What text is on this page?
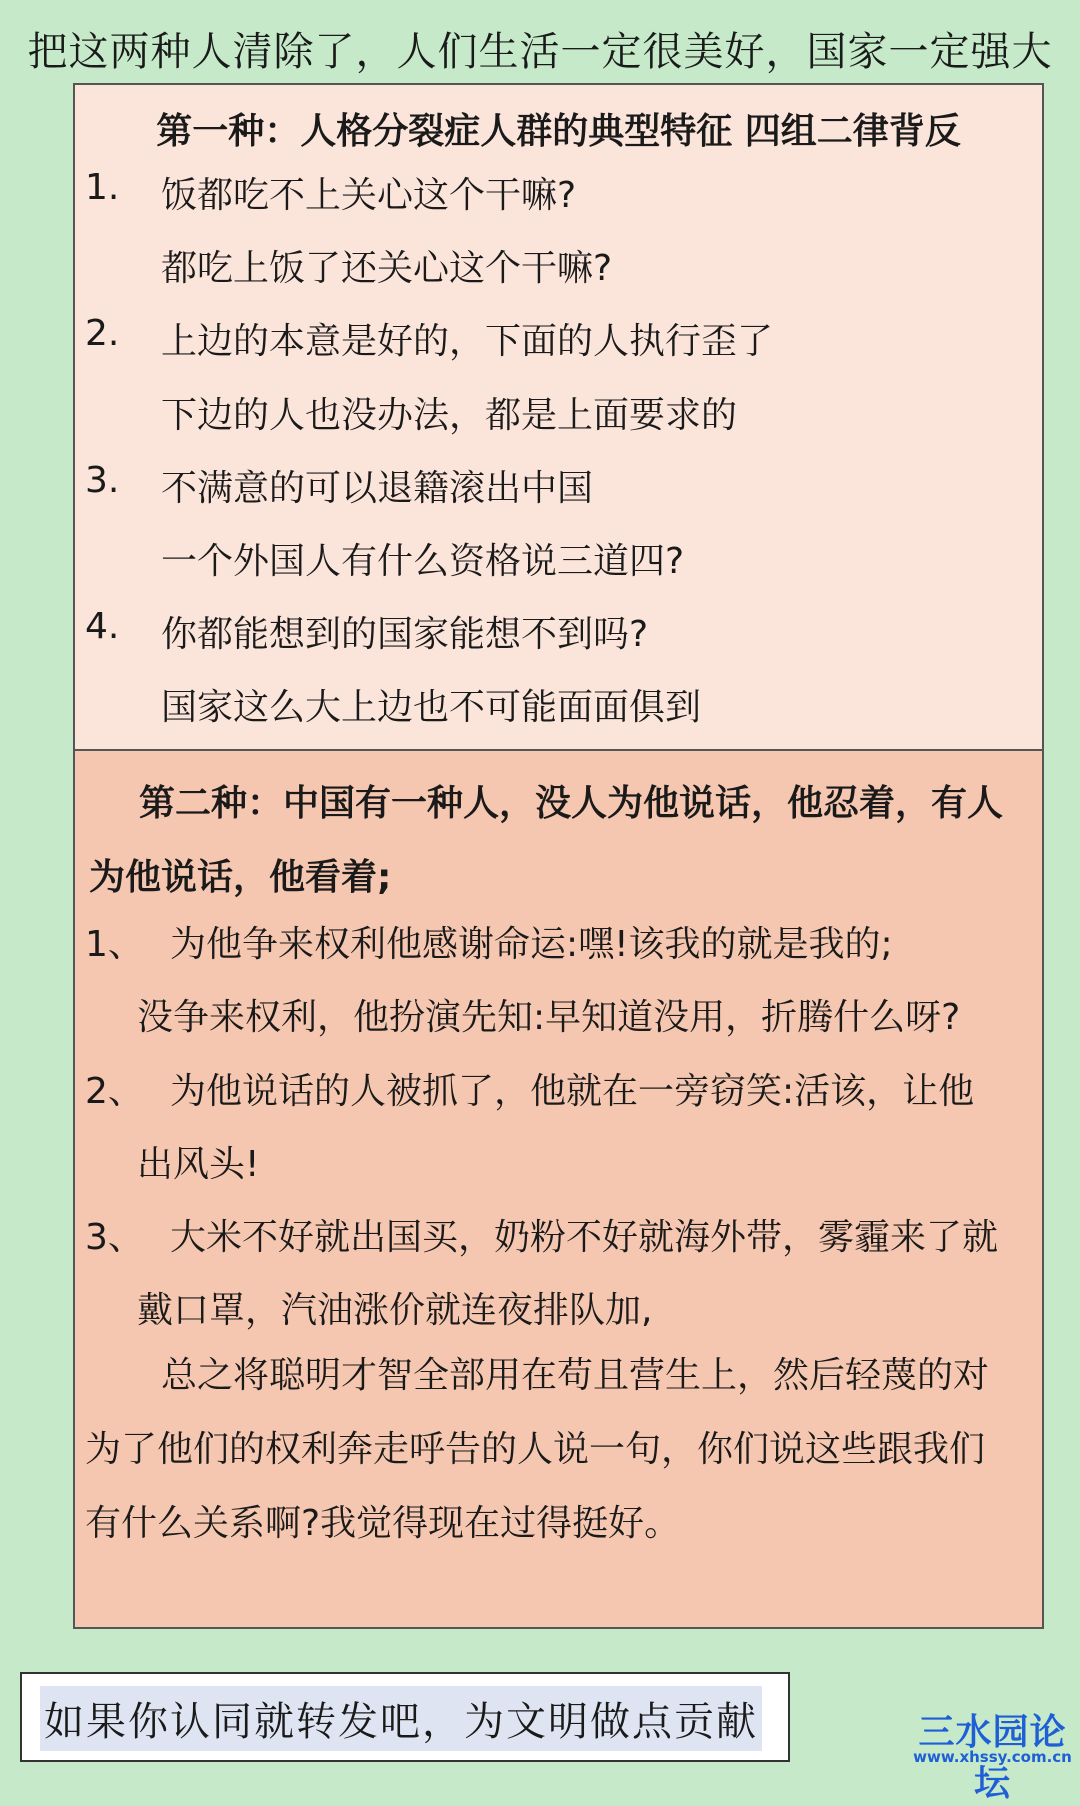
把这两种人清除了，人们生活一定很美好，国家一定强大
第一种：人格分裂症人群的典型特征 四组二律背反
1. 饭都吃不上关心这个干嘛?
都吃上饭了还关心这个干嘛?
2. 上边的本意是好的，下面的人执行歪了
下边的人也没办法，都是上面要求的
3. 不满意的可以退籍滚出中国
一个外国人有什么资格说三道四?
4. 你都能想到的国家能想不到吗?
国家这么大上边也不可能面面俱到
第二种：中国有一种人，没人为他说话，他忍着，有人为他说话，他看着;
1、 为他争来权利他感谢命运:嘿!该我的就是我的;
没争来权利，他扮演先知:早知道没用，折腾什么呀?
2、 为他说话的人被抓了，他就在一旁窃笑:活该，让他
出风头!
3、 大米不好就出国买，奶粉不好就海外带，雾霾来了就
戴口罩，汽油涨价就连夜排队加,
总之将聪明才智全部用在苟且营生上，然后轻蔑的对为了他们的权利奔走呼告的人说一句，你们说这些跟我们有什么关系啊?我觉得现在过得挺好。
如果你认同就转发吧，为文明做点贡献	三水园论坛
www.xhssy.com.cn
